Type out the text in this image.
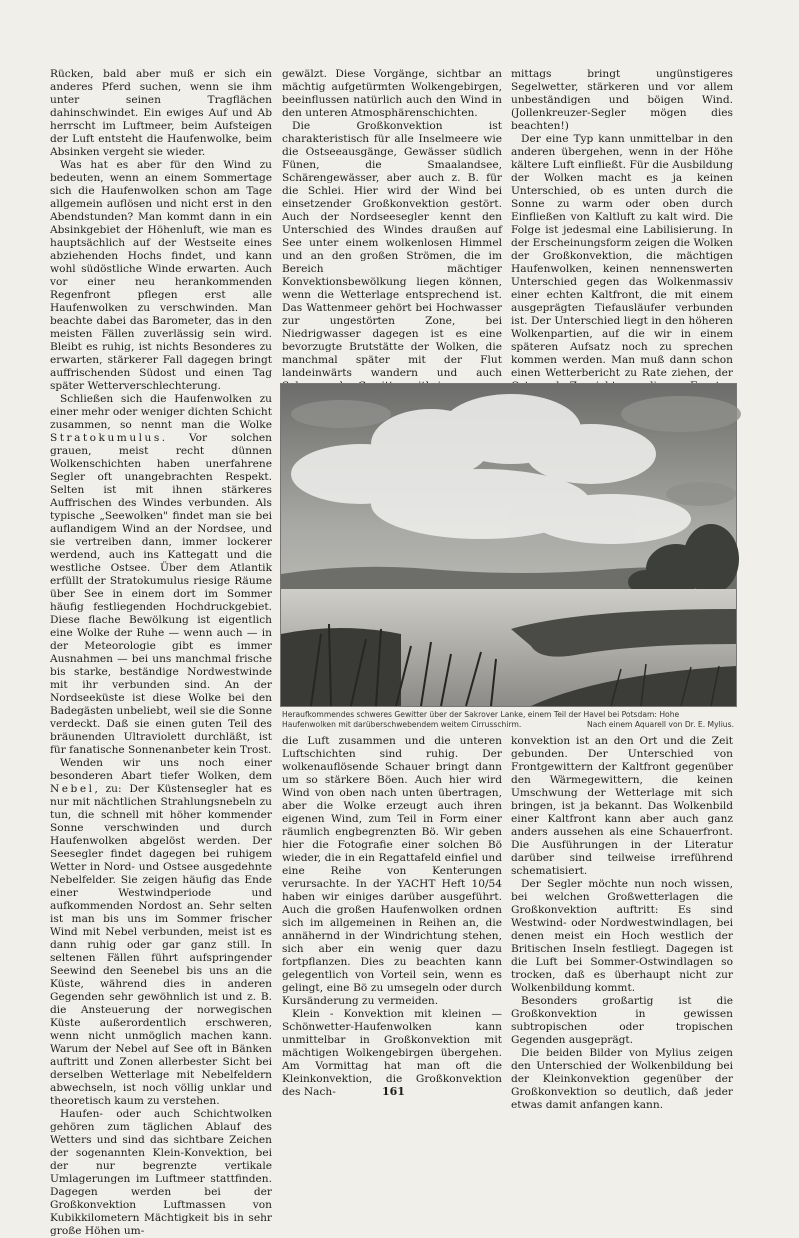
Rücken, bald aber muß er sich ein anderes Pferd suchen, wenn sie ihm unter seinen Tragflächen dahinschwindet. Ein ewiges Auf und Ab herrscht im Luftmeer, beim Aufsteigen der Luft entsteht die Haufenwolke, beim Absinken vergeht sie wieder.

Was hat es aber für den Wind zu bedeuten, wenn an einem Sommertage sich die Haufenwolken schon am Tage allgemein auflösen und nicht erst in den Abendstunden? Man kommt dann in ein Absinkgebiet der Höhenluft, wie man es hauptsächlich auf der Westseite eines abziehenden Hochs findet, und kann wohl südöstliche Winde erwarten. Auch vor einer neu herankommenden Regenfront pflegen erst alle Haufenwolken zu verschwinden. Man beachte dabei das Barometer, das in den meisten Fällen zuverlässig sein wird. Bleibt es ruhig, ist nichts Besonderes zu erwarten, stärkerer Fall dagegen bringt auffrischenden Südost und einen Tag später Wetterverschlechterung.

Schließen sich die Haufenwolken zu einer mehr oder weniger dichten Schicht zusammen, so nennt man die Wolke Stratokumulus. Vor solchen grauen, meist recht dünnen Wolkenschichten haben unerfahrene Segler oft unangebrachten Respekt. Selten ist mit ihnen stärkeres Auffrischen des Windes verbunden. Als typische „Seewolken" findet man sie bei auflandigem Wind an der Nordsee, und sie vertreiben dann, immer lockerer werdend, auch ins Kattegatt und die westliche Ostsee. Über dem Atlantik erfüllt der Stratokumulus riesige Räume über See in einem dort im Sommer häufig festliegenden Hochdruckgebiet. Diese flache Bewölkung ist eigentlich eine Wolke der Ruhe — wenn auch — in der Meteorologie gibt es immer Ausnahmen — bei uns manchmal frische bis starke, beständige Nordwestwinde mit ihr verbunden sind. An der Nordseeküste ist diese Wolke bei den Badegästen unbeliebt, weil sie die Sonne verdeckt. Daß sie einen guten Teil des bräunenden Ultraviolett durchläßt, ist für fanatische Sonnenanbeter kein Trost.

Wenden wir uns noch einer besonderen Abart tiefer Wolken, dem Nebel, zu: Der Küstensegler hat es nur mit nächtlichen Strahlungsnebeln zu tun, die schnell mit höher kommender Sonne verschwinden und durch Haufenwolken abgelöst werden. Der Seesegler findet dagegen bei ruhigem Wetter in Nord- und Ostsee ausgedehnte Nebelfelder. Sie zeigen häufig das Ende einer Westwindperiode und aufkommenden Nordost an. Sehr selten ist man bis uns im Sommer frischer Wind mit Nebel verbunden, meist ist es dann ruhig oder gar ganz still. In seltenen Fällen führt aufspringender Seewind den Seenebel bis uns an die Küste, während dies in anderen Gegenden sehr gewöhnlich ist und z. B. die Ansteuerung der norwegischen Küste außerordentlich erschweren, wenn nicht unmöglich machen kann. Warum der Nebel auf See oft in Bänken auftritt und Zonen allerbester Sicht bei derselben Wetterlage mit Nebelfeldern abwechseln, ist noch völlig unklar und theoretisch kaum zu verstehen.

Haufen- oder auch Schichtwolken gehören zum täglichen Ablauf des Wetters und sind das sichtbare Zeichen der sogenannten Klein-Konvektion, bei der nur begrenzte vertikale Umlagerungen im Luftmeer stattfinden. Dagegen werden bei der Großkonvektion Luftmassen von Kubikkilometern Mächtigkeit bis in sehr große Höhen um-

gewälzt. Diese Vorgänge, sichtbar an mächtig aufgetürmten Wolkengebirgen, beeinflussen natürlich auch den Wind in den unteren Atmosphärenschichten.

Die Großkonvektion ist charakteristisch für alle Inselmeere wie die Ostseeausgänge, Gewässer südlich Fünen, die Smaalandsee, Schärengewässer, aber auch z. B. für die Schlei. Hier wird der Wind bei einsetzender Großkonvektion gestört. Auch der Nordseesegler kennt den Unterschied des Windes draußen auf See unter einem wolkenlosen Himmel und an den großen Strömen, die im Bereich mächtiger Konvektionsbewölkung liegen können, wenn die Wetterlage entsprechend ist. Das Wattenmeer gehört bei Hochwasser zur ungestörten Zone, bei Niedrigwasser dagegen ist es eine bevorzugte Brutstätte der Wolken, die manchmal später mit der Flut landeinwärts wandern und auch

mittags bringt ungünstigeres Segelwetter, stärkeren und vor allem unbeständigen und böigen Wind. (Jollenkreuzer-Segler mögen dies beachten!)

Der eine Typ kann unmittelbar in den anderen übergehen, wenn in der Höhe kältere Luft einfließt. Für die Ausbildung der Wolken macht es ja keinen Unterschied, ob es unten durch die Sonne zu warm oder oben durch Einfließen von Kaltluft zu kalt wird. Die Folge ist jedesmal eine Labilisierung. In der Erscheinungsform zeigen die Wolken der Großkonvektion, die mächtigen Haufenwolken, keinen nennenswerten Unterschied gegen das Wolkenmassiv einer echten Kaltfront, die mit einem ausgeprägten Tiefausläufer verbunden ist. Der Unterschied liegt in den höheren Wolkenpartien, auf die wir in einem späteren Aufsatz noch zu sprechen kommen werden. Man muß dann schon einen Wetterbericht zu Rate ziehen, der

Heraufkommendes schweres Gewitter über der Sakrover Lanke, einem Teil der Havel bei Potsdam: Hohe
Haufenwolken mit darüberschwebendem weitem Cirrusschirm.	Nach einem Aquarell von Dr. E. Mylius.

die Luft zusammen und die unteren Luftschichten sind ruhig. Der wolkenauflösende Schauer bringt dann um so stärkere Böen. Auch hier wird Wind von oben nach unten übertragen, aber die Wolke erzeugt auch ihren eigenen Wind, zum Teil in Form einer räumlich engbegrenzten Bö. Wir geben hier die Fotografie einer solchen Bö wieder, die in ein Regattafeld einfiel und eine Reihe von Kenterungen verursachte. In der YACHT Heft 10/54 haben wir einiges darüber ausgeführt. Auch die großen Haufenwolken ordnen sich im allgemeinen in Reihen an, die annähernd in der Windrichtung stehen, sich aber ein wenig quer dazu fortpflanzen. Dies zu beachten kann gelegentlich von Vorteil sein, wenn es gelingt, eine Bö zu umsegeln oder durch Kursänderung zu vermeiden.

Klein - Konvektion mit kleinen — Schönwetter-Haufenwolken kann unmittelbar in Großkonvektion mit mächtigen Wolkengebirgen übergehen. Am Vormittag hat man oft die Kleinkonvektion, die Großkonvektion des Nach-

konvektion ist an den Ort und die Zeit gebunden. Der Unterschied von Frontgewittern der Kaltfront gegenüber den Wärmegewittern, die keinen Umschwung der Wetterlage mit sich bringen, ist ja bekannt. Das Wolkenbild einer Kaltfront kann aber auch ganz anders aussehen als eine Schauerfront. Die Ausführungen in der Literatur darüber sind teilweise irreführend schematisiert.

Der Segler möchte nun noch wissen, bei welchen Großwetterlagen die Großkonvektion auftritt: Es sind Westwind- oder Nordwestwindlagen, bei denen meist ein Hoch westlich der Britischen Inseln festliegt. Dagegen ist die Luft bei Sommer-Ostwindlagen so trocken, daß es überhaupt nicht zur Wolkenbildung kommt.

Besonders großartig ist die Großkonvektion in gewissen subtropischen oder tropischen Gegenden ausgeprägt.

Die beiden Bilder von Mylius zeigen den Unterschied der Wolkenbildung bei der Kleinkonvektion gegenüber der Großkonvektion so deutlich, daß jeder etwas damit anfangen kann.

161
